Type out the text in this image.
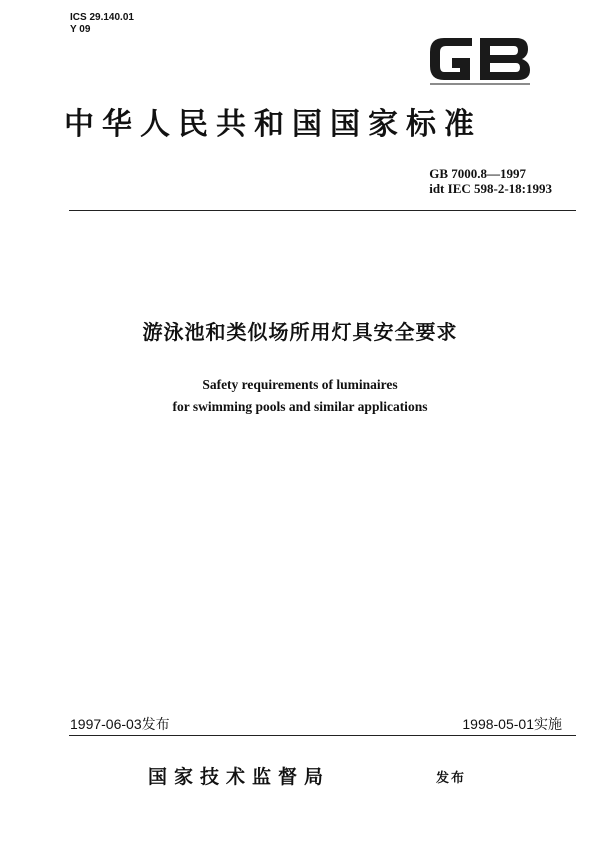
ICS 29.140.01
Y 09
中华人民共和国国家标准
GB 7000.8—1997
idt IEC 598-2-18:1993
游泳池和类似场所用灯具安全要求
Safety requirements of luminaires
for swimming pools and similar applications
1997-06-03发布	1998-05-01实施
国家技术监督局	发布
